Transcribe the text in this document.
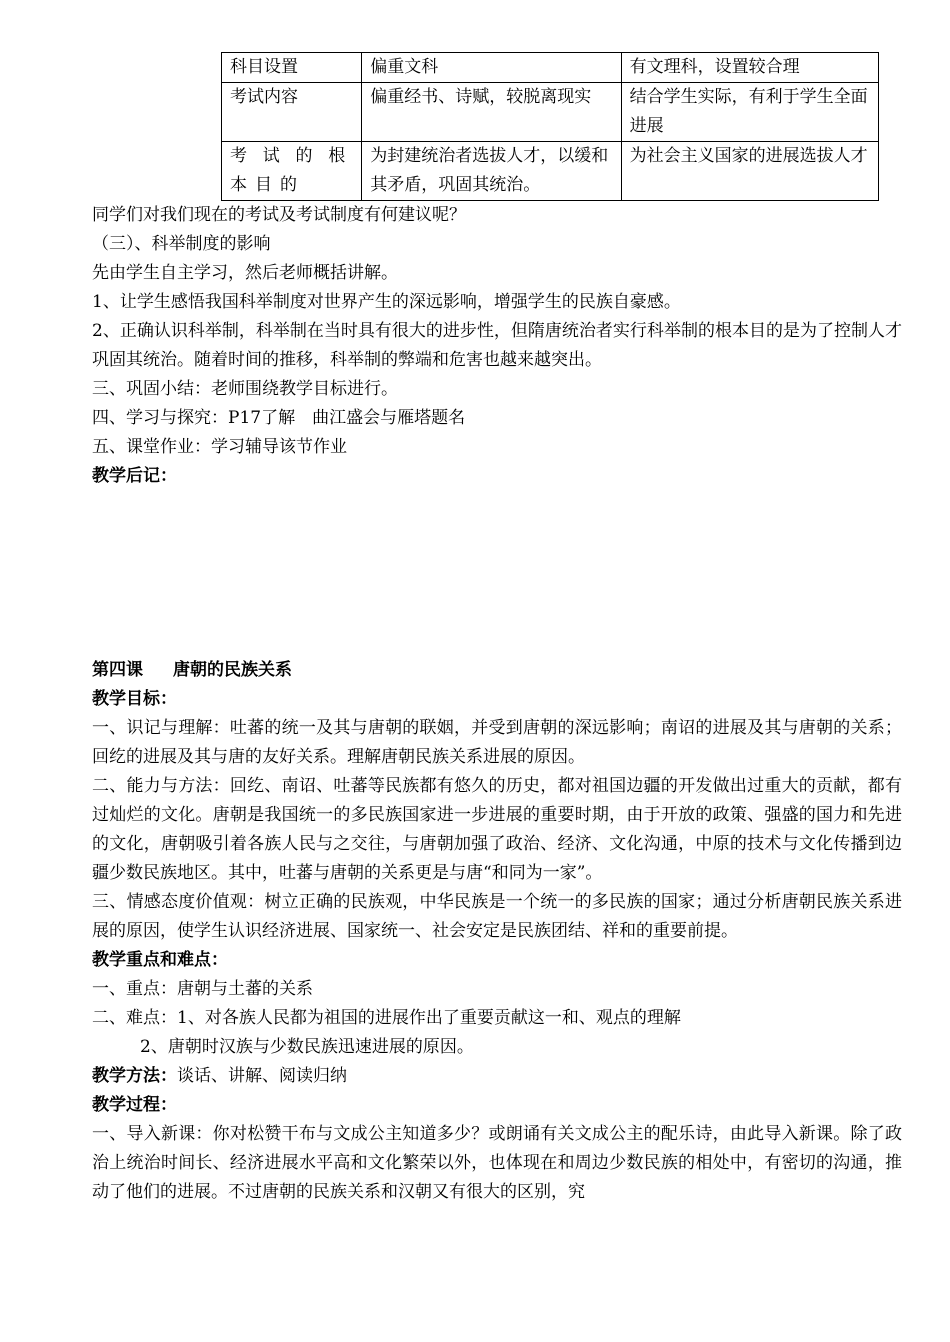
科目设置	偏重文科	有文理科，设置较合理
考试内容	偏重经书、诗赋，较脱离现实	结合学生实际，有利于学生全面进展
考试的根本目的	为封建统治者选拔人才，以缓和其矛盾，巩固其统治。	为社会主义国家的进展选拔人才
同学们对我们现在的考试及考试制度有何建议呢？
（三）、科举制度的影响
先由学生自主学习，然后老师概括讲解。
1、让学生感悟我国科举制度对世界产生的深远影响，增强学生的民族自豪感。
2、正确认识科举制，科举制在当时具有很大的进步性，但隋唐统治者实行科举制的根本目的是为了控制人才巩固其统治。随着时间的推移，科举制的弊端和危害也越来越突出。
三、巩固小结：老师围绕教学目标进行。
四、学习与探究：P17了解　曲江盛会与雁塔题名
五、课堂作业：学习辅导该节作业
教学后记：
第四课 唐朝的民族关系
教学目标：
一、识记与理解：吐蕃的统一及其与唐朝的联姻，并受到唐朝的深远影响；南诏的进展及其与唐朝的关系；回纥的进展及其与唐的友好关系。理解唐朝民族关系进展的原因。
二、能力与方法：回纥、南诏、吐蕃等民族都有悠久的历史，都对祖国边疆的开发做出过重大的贡献，都有过灿烂的文化。唐朝是我国统一的多民族国家进一步进展的重要时期，由于开放的政策、强盛的国力和先进的文化，唐朝吸引着各族人民与之交往，与唐朝加强了政治、经济、文化沟通，中原的技术与文化传播到边疆少数民族地区。其中，吐蕃与唐朝的关系更是与唐“和同为一家”。
三、情感态度价值观：树立正确的民族观，中华民族是一个统一的多民族的国家；通过分析唐朝民族关系进展的原因，使学生认识经济进展、国家统一、社会安定是民族团结、祥和的重要前提。
教学重点和难点：
一、重点：唐朝与土蕃的关系
二、难点：1、对各族人民都为祖国的进展作出了重要贡献这一和、观点的理解
2、唐朝时汉族与少数民族迅速进展的原因。
教学方法：谈话、讲解、阅读归纳
教学过程：
一、导入新课：你对松赞干布与文成公主知道多少？或朗诵有关文成公主的配乐诗，由此导入新课。除了政治上统治时间长、经济进展水平高和文化繁荣以外，也体现在和周边少数民族的相处中，有密切的沟通，推动了他们的进展。不过唐朝的民族关系和汉朝又有很大的区别，究
